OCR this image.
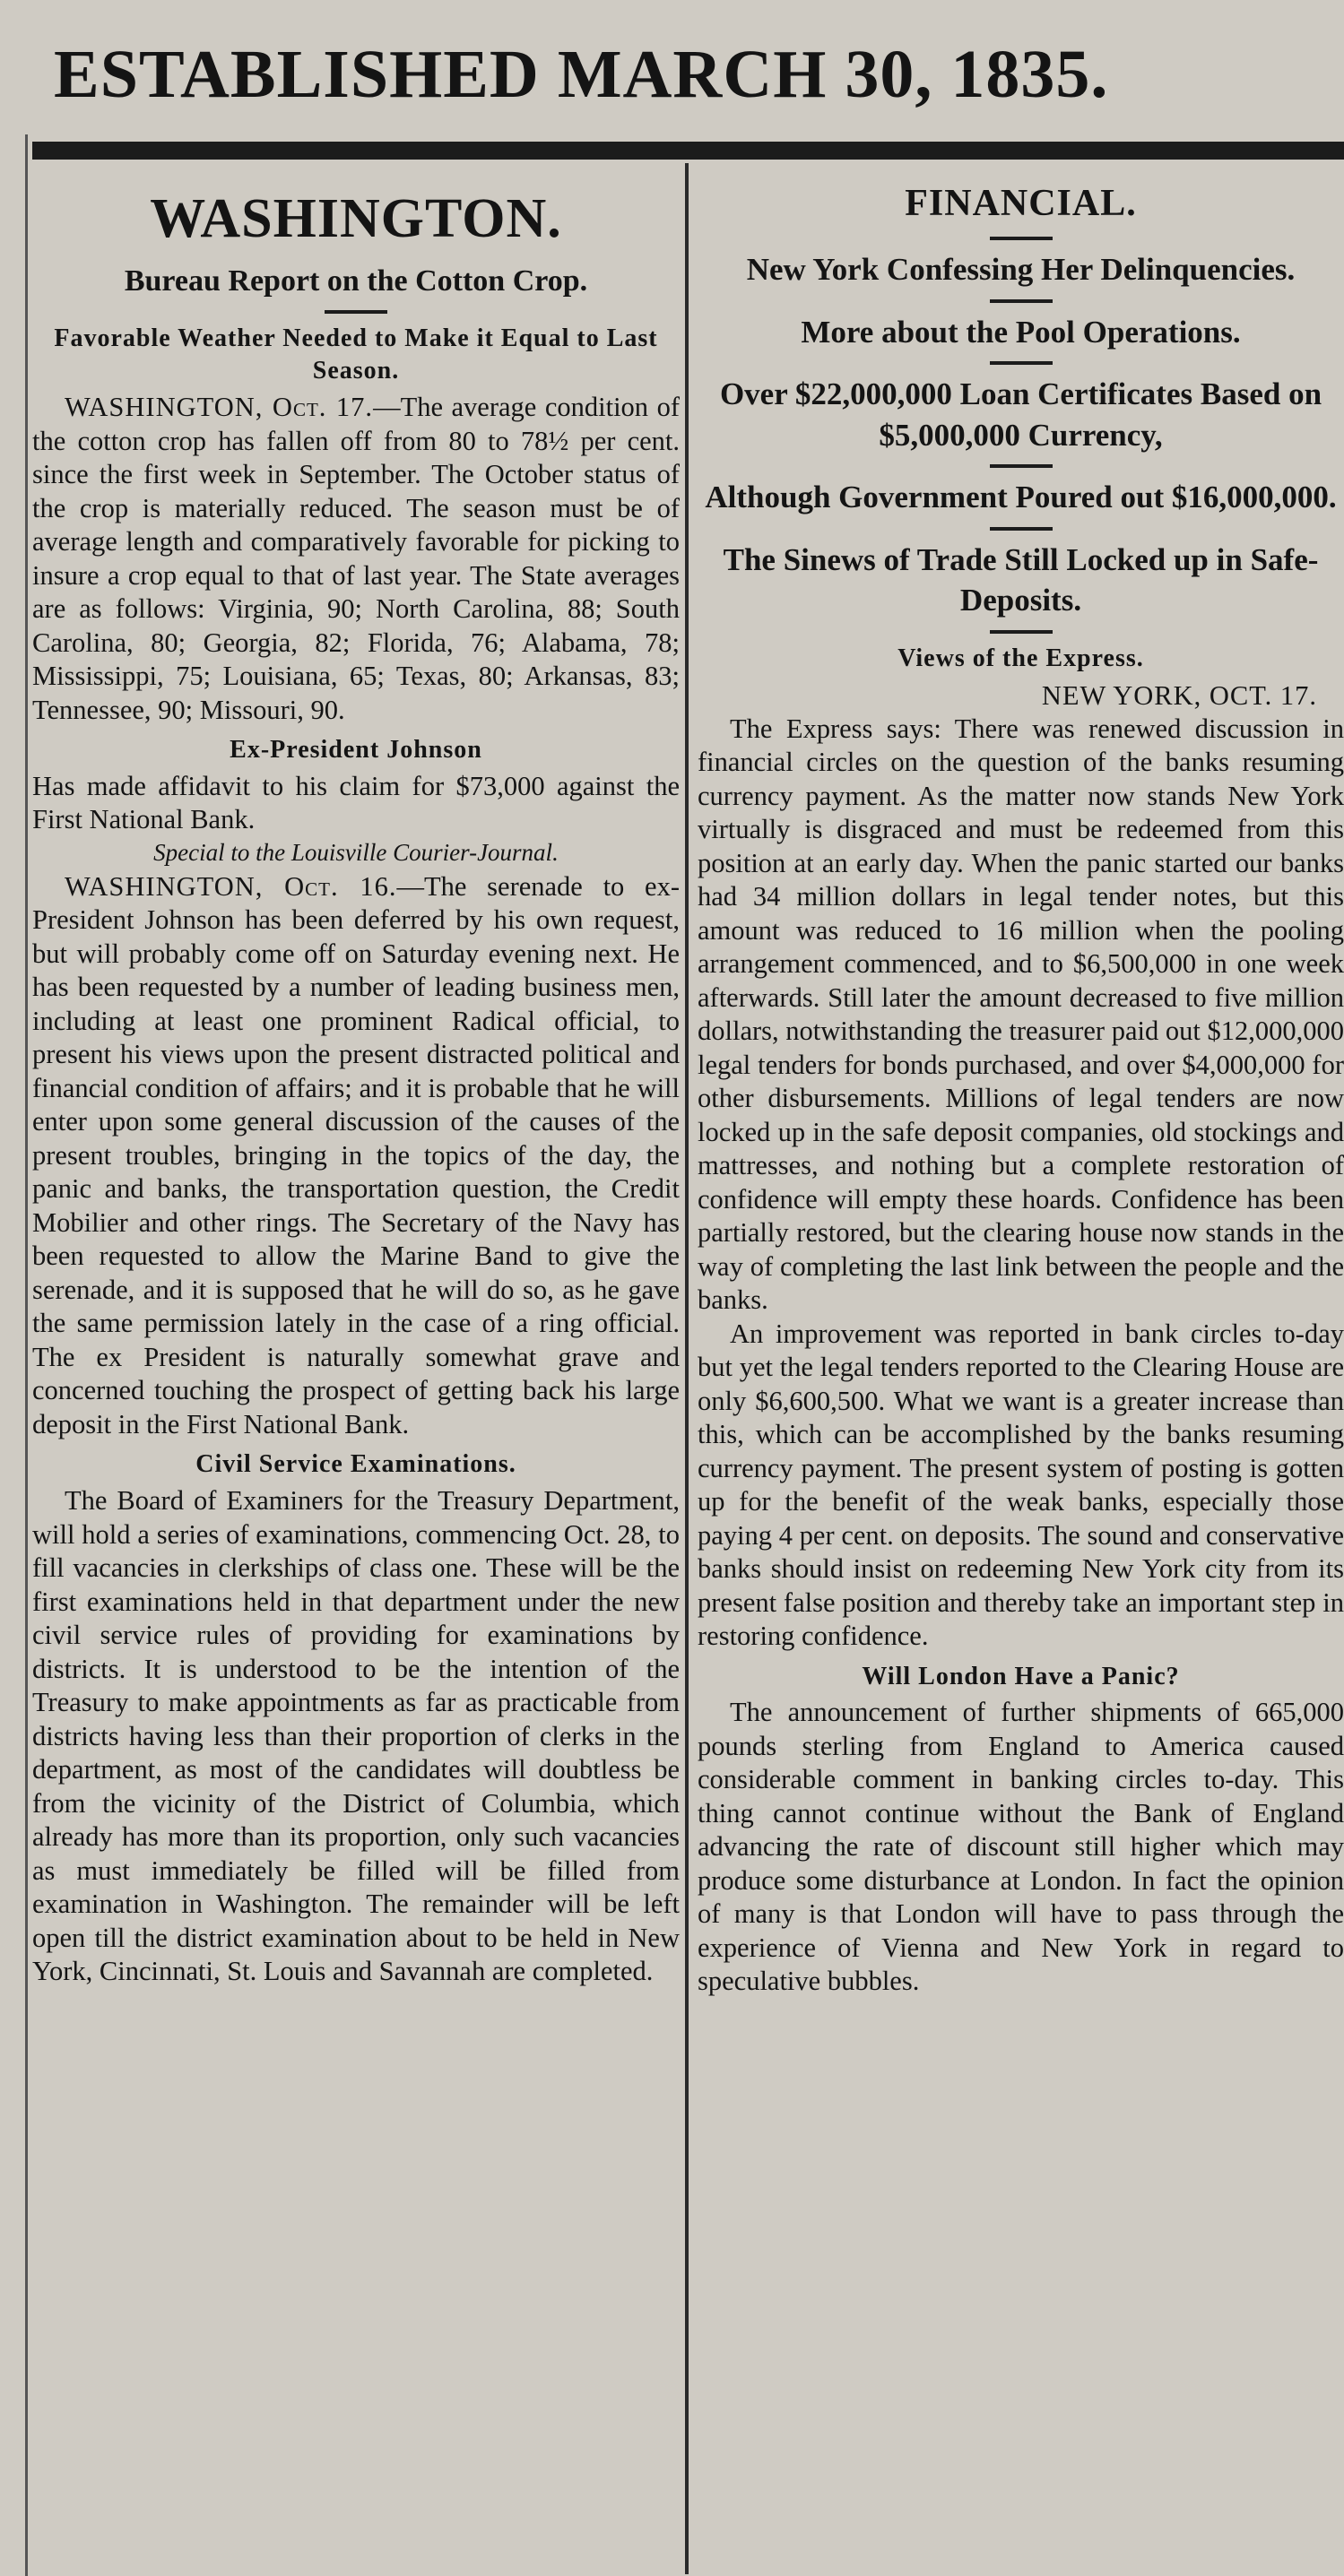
ESTABLISHED MARCH 30, 1835.
WASHINGTON.
Bureau Report on the Cotton Crop.
Favorable Weather Needed to Make it Equal to Last Season.

WASHINGTON, Oct. 17.—The average condition of the cotton crop has fallen off from 80 to 78½ per cent. since the first week in September. The October status of the crop is materially reduced. The season must be of average length and comparatively favorable for picking to insure a crop equal to that of last year. The State averages are as follows: Virginia, 90; North Carolina, 88; South Carolina, 80; Georgia, 82; Florida, 76; Alabama, 78; Mississippi, 75; Louisiana, 65; Texas, 80; Arkansas, 83; Tennessee, 90; Missouri, 90.

Ex-President Johnson

Has made affidavit to his claim for $73,000 against the First National Bank.

Special to the Louisville Courier-Journal.

WASHINGTON, Oct. 16.—The serenade to ex-President Johnson has been deferred by his own request, but will probably come off on Saturday evening next. He has been requested by a number of leading business men, including at least one prominent Radical official, to present his views upon the present distracted political and financial condition of affairs; and it is probable that he will enter upon some general discussion of the causes of the present troubles, bringing in the topics of the day, the panic and banks, the transportation question, the Credit Mobilier and other rings. The Secretary of the Navy has been requested to allow the Marine Band to give the serenade, and it is supposed that he will do so, as he gave the same permission lately in the case of a ring official. The ex President is naturally somewhat grave and concerned touching the prospect of getting back his large deposit in the First National Bank.

Civil Service Examinations.

The Board of Examiners for the Treasury Department, will hold a series of examinations, commencing Oct. 28, to fill vacancies in clerkships of class one. These will be the first examinations held in that department under the new civil service rules of providing for examinations by districts. It is understood to be the intention of the Treasury to make appointments as far as practicable from districts having less than their proportion of clerks in the department, as most of the candidates will doubtless be from the vicinity of the District of Columbia, which already has more than its proportion, only such vacancies as must immediately be filled will be filled from examination in Washington. The remainder will be left open till the district examination about to be held in New York, Cincinnati, St. Louis and Savannah are completed.

FINANCIAL.
New York Confessing Her Delinquencies.
More about the Pool Operations.
Over $22,000,000 Loan Certificates Based on $5,000,000 Currency,
Although Government Poured out $16,000,000.
The Sinews of Trade Still Locked up in Safe-Deposits.
Views of the Express.
NEW YORK, OCT. 17.

The Express says: There was renewed discussion in financial circles on the question of the banks resuming currency payment. As the matter now stands New York virtually is disgraced and must be redeemed from this position at an early day. When the panic started our banks had 34 million dollars in legal tender notes, but this amount was reduced to 16 million when the pooling arrangement commenced, and to $6,500,000 in one week afterwards. Still later the amount decreased to five million dollars, notwithstanding the treasurer paid out $12,000,000 legal tenders for bonds purchased, and over $4,000,000 for other disbursements. Millions of legal tenders are now locked up in the safe deposit companies, old stockings and mattresses, and nothing but a complete restoration of confidence will empty these hoards. Confidence has been partially restored, but the clearing house now stands in the way of completing the last link between the people and the banks.

An improvement was reported in bank circles to-day but yet the legal tenders reported to the Clearing House are only $6,600,500. What we want is a greater increase than this, which can be accomplished by the banks resuming currency payment. The present system of posting is gotten up for the benefit of the weak banks, especially those paying 4 per cent. on deposits. The sound and conservative banks should insist on redeeming New York city from its present false position and thereby take an important step in restoring confidence.

Will London Have a Panic?

The announcement of further shipments of 665,000 pounds sterling from England to America caused considerable comment in banking circles to-day. This thing cannot continue without the Bank of England advancing the rate of discount still higher which may produce some disturbance at London. In fact the opinion of many is that London will have to pass through the experience of Vienna and New York in regard to speculative bubbles.
